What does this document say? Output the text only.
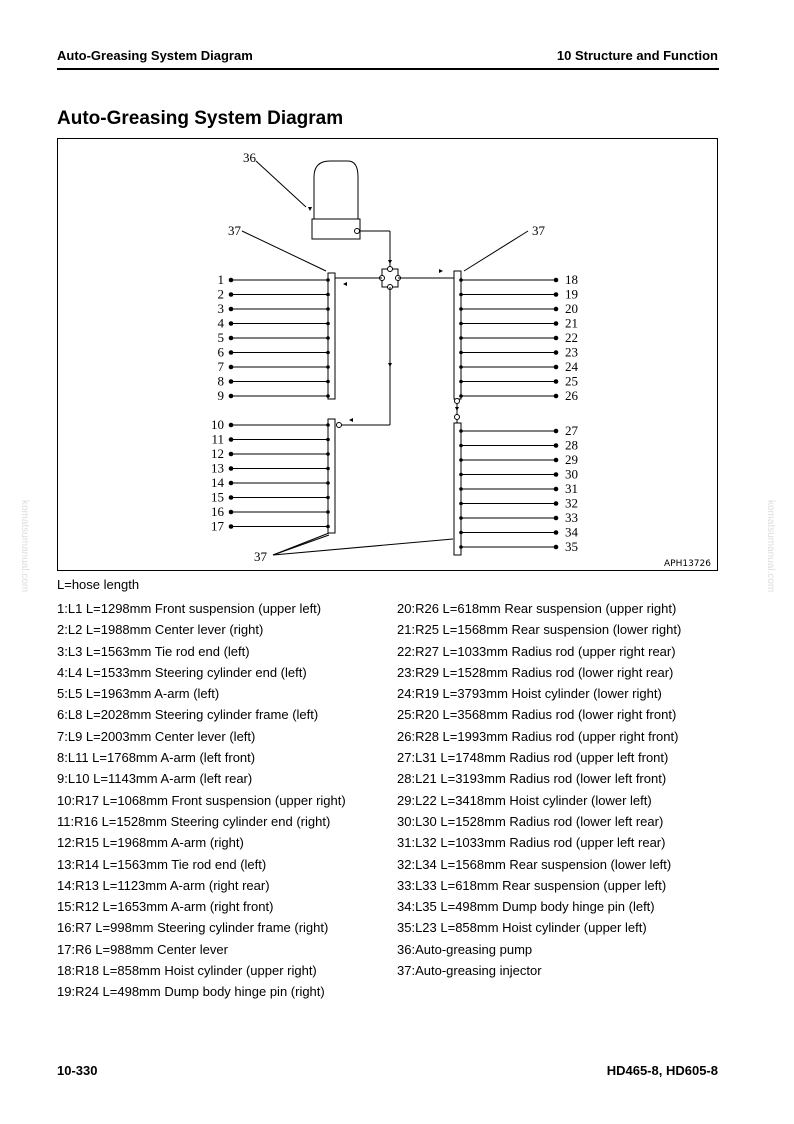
Auto-Greasing System Diagram	10 Structure and Function
Auto-Greasing System Diagram
komatsumanual.com	komatsumanual.com
36
1
2
3
4
5
6
7
8
9
10
11
12
13
14
15
16
17
18
19
20
21
22
23
24
25
26
27
28
29
30
31
32
33
34
35
37	37
37	APH13726
L=hose length
1:L1 L=1298mm Front suspension (upper left)
2:L2 L=1988mm Center lever (right)
3:L3 L=1563mm Tie rod end (left)
4:L4 L=1533mm Steering cylinder end (left)
5:L5 L=1963mm A-arm (left)
6:L8 L=2028mm Steering cylinder frame (left)
7:L9 L=2003mm Center lever (left)
8:L11 L=1768mm A-arm (left front)
9:L10 L=1143mm A-arm (left rear)
10:R17 L=1068mm Front suspension (upper right)
11:R16 L=1528mm Steering cylinder end (right)
12:R15 L=1968mm A-arm (right)
13:R14 L=1563mm Tie rod end (left)
14:R13 L=1123mm A-arm (right rear)
15:R12 L=1653mm A-arm (right front)
16:R7 L=998mm Steering cylinder frame (right)
17:R6 L=988mm Center lever
18:R18 L=858mm Hoist cylinder (upper right)
19:R24 L=498mm Dump body hinge pin (right)
20:R26 L=618mm Rear suspension (upper right)
21:R25 L=1568mm Rear suspension (lower right)
22:R27 L=1033mm Radius rod (upper right rear)
23:R29 L=1528mm Radius rod (lower right rear)
24:R19 L=3793mm Hoist cylinder (lower right)
25:R20 L=3568mm Radius rod (lower right front)
26:R28 L=1993mm Radius rod (upper right front)
27:L31 L=1748mm Radius rod (upper left front)
28:L21 L=3193mm Radius rod (lower left front)
29:L22 L=3418mm Hoist cylinder (lower left)
30:L30 L=1528mm Radius rod (lower left rear)
31:L32 L=1033mm Radius rod (upper left rear)
32:L34 L=1568mm Rear suspension (lower left)
33:L33 L=618mm Rear suspension (upper left)
34:L35 L=498mm Dump body hinge pin (left)
35:L23 L=858mm Hoist cylinder (upper left)
36:Auto-greasing pump
37:Auto-greasing injector
10-330	HD465-8, HD605-8
